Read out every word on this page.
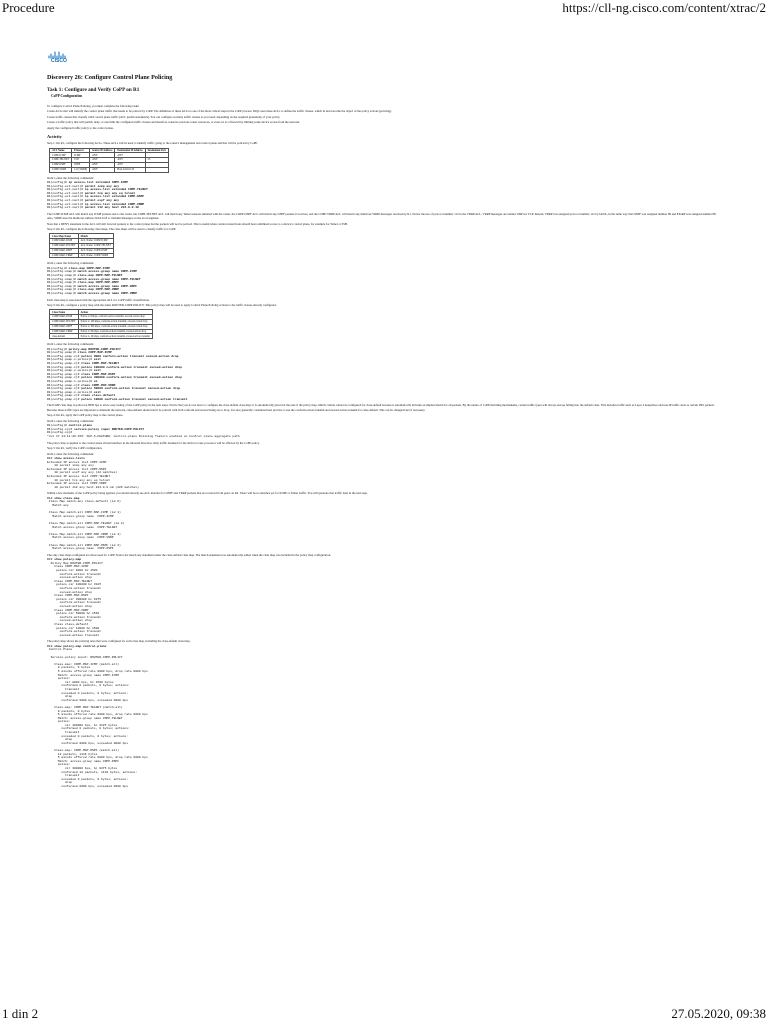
Procedure	https://cll-ng.cisco.com/content/xtrac/2
CISCO
Discovery 26: Configure Control Plane Policing
Task 1: Configure and Verify CoPP on R1
CoPP Configuration

To configure Control Plane Policing, you must complete the following tasks:

Create ACLs that will identify the control plane traffic that needs to be policed by CoPP. The definition of these ACLs is one of the most critical steps in the CoPP process. MQC uses these ACLs to define the traffic classes, which in turn become the object of the policy actions (policing).

Create traffic classes that classify valid control plane traffic (ACL permit statements). You can configure as many traffic classes as you need, depending on the required granularity of your policy.

Create a traffic policy that will permit, deny, or rate limit the configured traffic classes and therefore conserve precious router resources, or even act as a firewall by limiting some device access from the network.

Apply the configured traffic policy to the control plane.

Activity

Step 1: On R1, configure the following ACLs. These ACLs will be used to identify traffic going to the router's management and control plane and that will be policed by CoPP.

ACL Name	Protocol	Source IP Address	Destination IP Address	Destination Port
COPP-ICMP	ICMP	ANY	ANY	
COPP-TELNET	TCP	ANY	ANY	23
COPP-OSPF	OSPF	ANY	ANY	
COPP-VRRP	112 (VRRP)	ANY	Host 224.0.0.18	

On R1, enter the following commands:

R1(config)# ip access-list extended COPP-ICMP
R1(config-ext-nacl)# permit icmp any any
R1(config-ext-nacl)# ip access-list extended COPP-TELNET
R1(config-ext-nacl)# permit tcp any any eq telnet
R1(config-ext-nacl)# ip access-list extended COPP-OSPF
R1(config-ext-nacl)# permit ospf any any
R1(config-ext-nacl)# ip access-list extended COPP-VRRP
R1(config-ext-nacl)# permit 112 any host 224.0.0.18

The COPP-ICMP ACL will match any ICMP packets sent to the router, the COPP-TELNET ACL will match any Telnet sessions initiated with the router, the COPP-OSPF ACL will match any OSPF packets it receives, and the COPP-VRRP ACL will match any multicast VRRP messages received by R1. Notice the use of protocol number 112 in the VRRP ACL. VRRP messages are neither UDP nor TCP. Instead, VRRP was assigned protocol number 112 by IANA, in the same way that OSPF was assigned number 89 and EIGRP was assigned number 88. Also, VRRP uses the multicast address 224.0.0.18 to transmit messages on the local segment.

Note that a DENY statement in the ACL will still forward packets to the control plane but the packets will not be policed. This is useful when certain trusted hosts should have unlimited access to a device's control plane, for example for Telnet or SSH.

Step 2: On R1, configure the following class maps. The class maps will be used to classify traffic for CoPP.

Class Map Name	Match
COPP-MAP-ICMP	ACL Name: COPP-ICMP
COPP-MAP-TELNET	ACL Name: COPP-TELNET
COPP-MAP-OSPF	ACL Name: COPP-OSPF
COPP-MAP-VRRP	ACL Name: COPP-VRRP

On R1, enter the following commands:

R1(config)# class-map COPP-MAP-ICMP
R1(config-cmap)# match access-group name COPP-ICMP
R1(config-cmap)# class-map COPP-MAP-TELNET
R1(config-cmap)# match access-group name COPP-TELNET
R1(config-cmap)# class-map COPP-MAP-OSPF
R1(config-cmap)# match access-group name COPP-OSPF
R1(config-cmap)# class-map COPP-MAP-VRRP
R1(config-cmap)# match access-group name COPP-VRRP

Each class map is associated with the appropriate ACL for CoPP traffic classification.

Step 3: On R1, configure a policy map with the name ROUTER-COPP-POLICY. This policy map will be used to apply Control Plane Policing actions to the traffic classes already configured.

Class Name	Action
COPP-MAP-ICMP	Police to 8 kbps, conform-action transmit, exceed-action drop
COPP-MAP-TELNET	Police to 100 kbps, conform-action transmit, exceed-action drop
COPP-MAP-OSPF	Police to 300 kbps, conform-action transmit, exceed-action drop
COPP-MAP-VRRP	Police to 50 kbps, conform-action transmit, exceed-action drop
class-default	Police to 10 kbps, conform-action transmit, exceed-action transmit

On R1, enter the following commands:

R1(config)# policy-map ROUTER-COPP-POLICY
R1(config-pmap)# class COPP-MAP-ICMP
R1(config-pmap-c)# police 8000 conform-action transmit exceed-action drop
R1(config-pmap-c-police)# exit
R1(config-pmap-c)# class COPP-MAP-TELNET
R1(config-pmap-c)# police 100000 conform-action transmit exceed-action drop
R1(config-pmap-c-police)# exit
R1(config-pmap-c)# class COPP-MAP-OSPF
R1(config-pmap-c)# police 300000 conform-action transmit exceed-action drop
R1(config-pmap-c-police)# ex
R1(config-pmap-c)# class COPP-MAP-VRRP
R1(config-pmap-c)# police 50000 conform-action transmit exceed-action drop
R1(config-pmap-c-police)# exit
R1(config-pmap-c)# class class-default
R1(config-pmap-c)# police 10000 conform-action transmit exceed-action transmit

The ICMP class map is policed at 8000 bps to allow easy testing of the CoPP policy in the next steps. Notice that you do not have to configure the class-default class map; it is automatically placed at the end of the policy map. Match criteria cannot be configured for class-default because it automatically includes an implied match for all packets. By the nature of CoPP matching mechanisms, certain traffic types will always end up falling into the default class. This includes traffic such as Layer 2 keepalives and non-IP traffic such as certain ISIS packets. Because these traffic types are important to maintain the network, class-default should never be policed with both conform and exceed being set to drop. It is also generally considered best practice to use the conform-action transmit and exceed-action transmit for class-default. This can be changed later if necessary.

Step 4: On R1, apply the CoPP policy map to the control plane.

On R1, enter the following commands:

R1(config)# control-plane
R1(config-cp)# service-policy input ROUTER-COPP-POLICY
R1(config-cp)#
*Jul 17 14:14:29.155: %CP-5-FEATURE: Control-plane Policing feature enabled on Control plane aggregate path

The policy map is applied to the control plane virtual interface in the inbound direction. Only traffic destined for the device's route processor will be affected by the CoPP policy.

Step 5: On R1, verify the CoPP configuration.

On R1, enter the following commands:

R1# show access-lists
Extended IP access list COPP-ICMP
10 permit icmp any any
Extended IP access list COPP-OSPF
10 permit ospf any any (22 matches)
Extended IP access list COPP-TELNET
10 permit tcp any any eq telnet
Extended IP access list COPP-VRRP
10 permit 112 any host 224.0.0.18 (226 matches)

Within a few moments of the CoPP policy being applied, you should already see ACL matches for OSPF and VRRP packets that are received from peers on R2. There will be no matches yet for ICMP or Telnet traffic. You will generate that traffic later in the next step.

R1# show class-map
Class Map match-any class-default (id 0)
Match any

Class Map match-all COPP-MAP-ICMP (id 1)
Match access-group name  COPP-ICMP

Class Map match-all COPP-MAP-TELNET (id 2)
Match access-group name  COPP-TELNET

Class Map match-all COPP-MAP-VRRP (id 4)
Match access-group name  COPP-VRRP

Class Map match-all COPP-MAP-OSPF (id 3)
Match access-group name  COPP-OSPF

The only class maps configured are those used for CoPP. Notice the match any statement under the class-default class map. The match statement was automatically added when the class map was included in the policy map configuration.

R1# show policy-map
Policy Map ROUTER-COPP-POLICY
Class COPP-MAP-ICMP
police cir 8000 bc 1500
conform-action transmit
exceed-action drop
Class COPP-MAP-TELNET
police cir 100000 bc 3125
conform-action transmit
exceed-action drop
Class COPP-MAP-OSPF
police cir 300000 bc 9375
conform-action transmit
exceed-action drop
Class COPP-MAP-VRRP
police cir 50000 bc 1562
conform-action transmit
exceed-action drop
Class class-default
police cir 10000 bc 1500
conform-action transmit
exceed-action transmit

The policy map shows the policing rates that were configured for each class map, including the class-default class map.

R1# show policy-map control-plane
Control Plane

Service-policy input: ROUTER-COPP-POLICY

Class-map: COPP-MAP-ICMP (match-all)
0 packets, 0 bytes
5 minute offered rate 0000 bps, drop rate 0000 bps
Match: access-group name COPP-ICMP
police:
cir 8000 bps, bc 1500 bytes
conformed 0 packets, 0 bytes; actions:
transmit
exceeded 0 packets, 0 bytes; actions:
drop
conformed 0000 bps, exceeded 0000 bps

Class-map: COPP-MAP-TELNET (match-all)
0 packets, 0 bytes
5 minute offered rate 0000 bps, drop rate 0000 bps
Match: access-group name COPP-TELNET
police:
cir 100000 bps, bc 3125 bytes
conformed 0 packets, 0 bytes; actions:
transmit
exceeded 0 packets, 0 bytes; actions:
drop
conformed 0000 bps, exceeded 0000 bps

Class-map: COPP-MAP-OSPF (match-all)
12 packets, 1116 bytes
5 minute offered rate 0000 bps, drop rate 0000 bps
Match: access-group name COPP-OSPF
police:
cir 300000 bps, bc 9375 bytes
conformed 12 packets, 1116 bytes; actions:
transmit
exceeded 0 packets, 0 bytes; actions:
drop
conformed 0000 bps, exceeded 0000 bps
1 din 2	27.05.2020, 09:38
